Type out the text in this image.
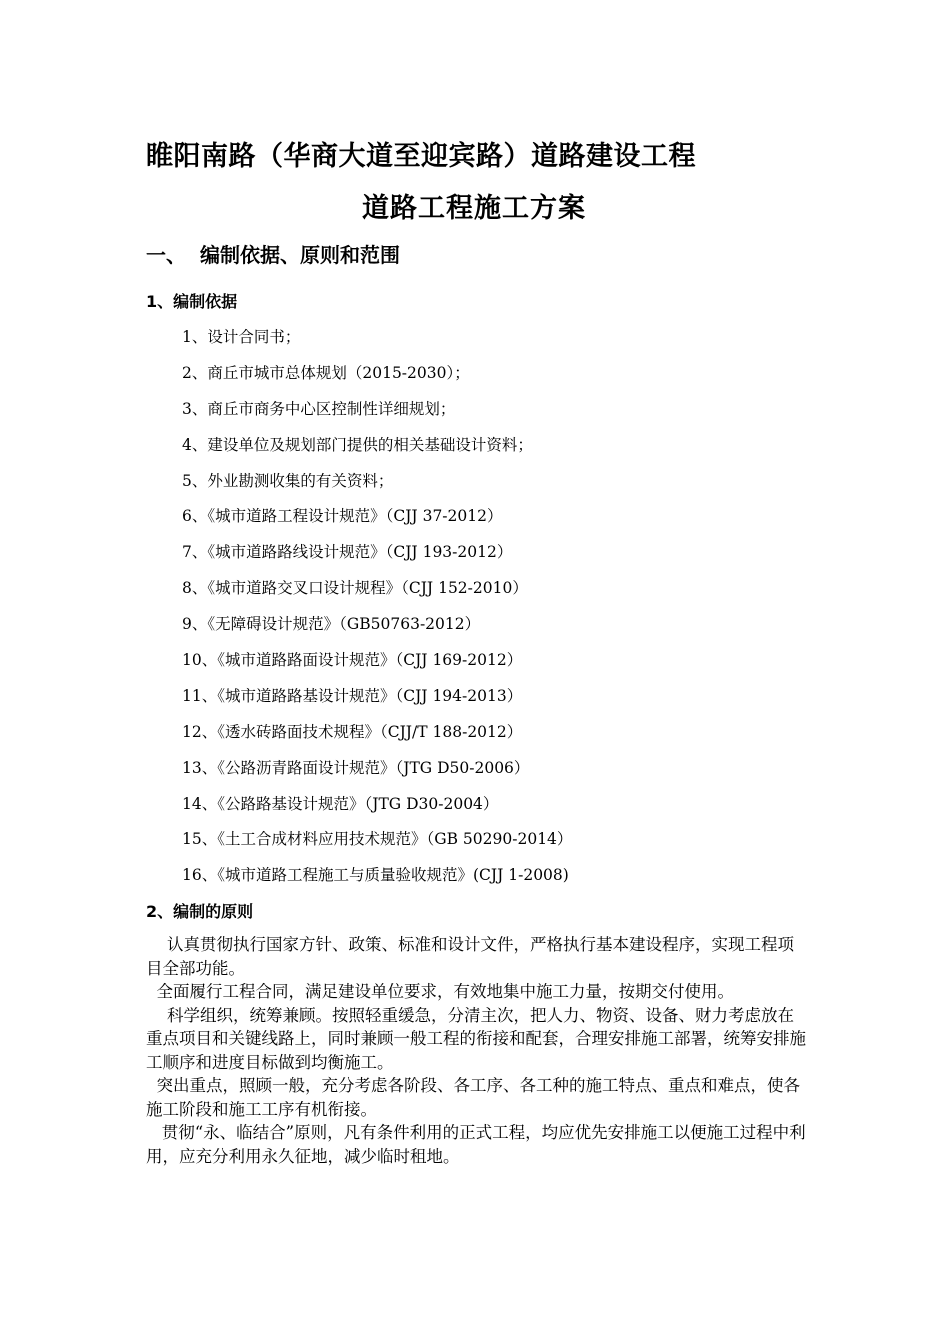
睢阳南路（华商大道至迎宾路）道路建设工程
道路工程施工方案
一、 编制依据、原则和范围
1、编制依据
1、设计合同书；
2、商丘市城市总体规划（2015-2030）；
3、商丘市商务中心区控制性详细规划；
4、建设单位及规划部门提供的相关基础设计资料；
5、外业勘测收集的有关资料；
6、《城市道路工程设计规范》（CJJ 37-2012）
7、《城市道路路线设计规范》（CJJ 193-2012）
8、《城市道路交叉口设计规程》（CJJ 152-2010）
9、《无障碍设计规范》（GB50763-2012）
10、《城市道路路面设计规范》（CJJ 169-2012）
11、《城市道路路基设计规范》（CJJ 194-2013）
12、《透水砖路面技术规程》（CJJ/T 188-2012）
13、《公路沥青路面设计规范》（JTG D50-2006）
14、《公路路基设计规范》（JTG D30-2004）
15、《土工合成材料应用技术规范》（GB 50290-2014）
16、《城市道路工程施工与质量验收规范》(CJJ 1-2008)
2、编制的原则

认真贯彻执行国家方针、政策、标准和设计文件，严格执行基本建设程序，实现工程项目全部功能。

全面履行工程合同，满足建设单位要求，有效地集中施工力量，按期交付使用。

科学组织，统筹兼顾。按照轻重缓急，分清主次，把人力、物资、设备、财力考虑放在重点项目和关键线路上，同时兼顾一般工程的衔接和配套，合理安排施工部署，统筹安排施工顺序和进度目标做到均衡施工。

突出重点，照顾一般，充分考虑各阶段、各工序、各工种的施工特点、重点和难点，使各施工阶段和施工工序有机衔接。

贯彻“永、临结合”原则，凡有条件利用的正式工程，均应优先安排施工以便施工过程中利用，应充分利用永久征地，减少临时租地。
